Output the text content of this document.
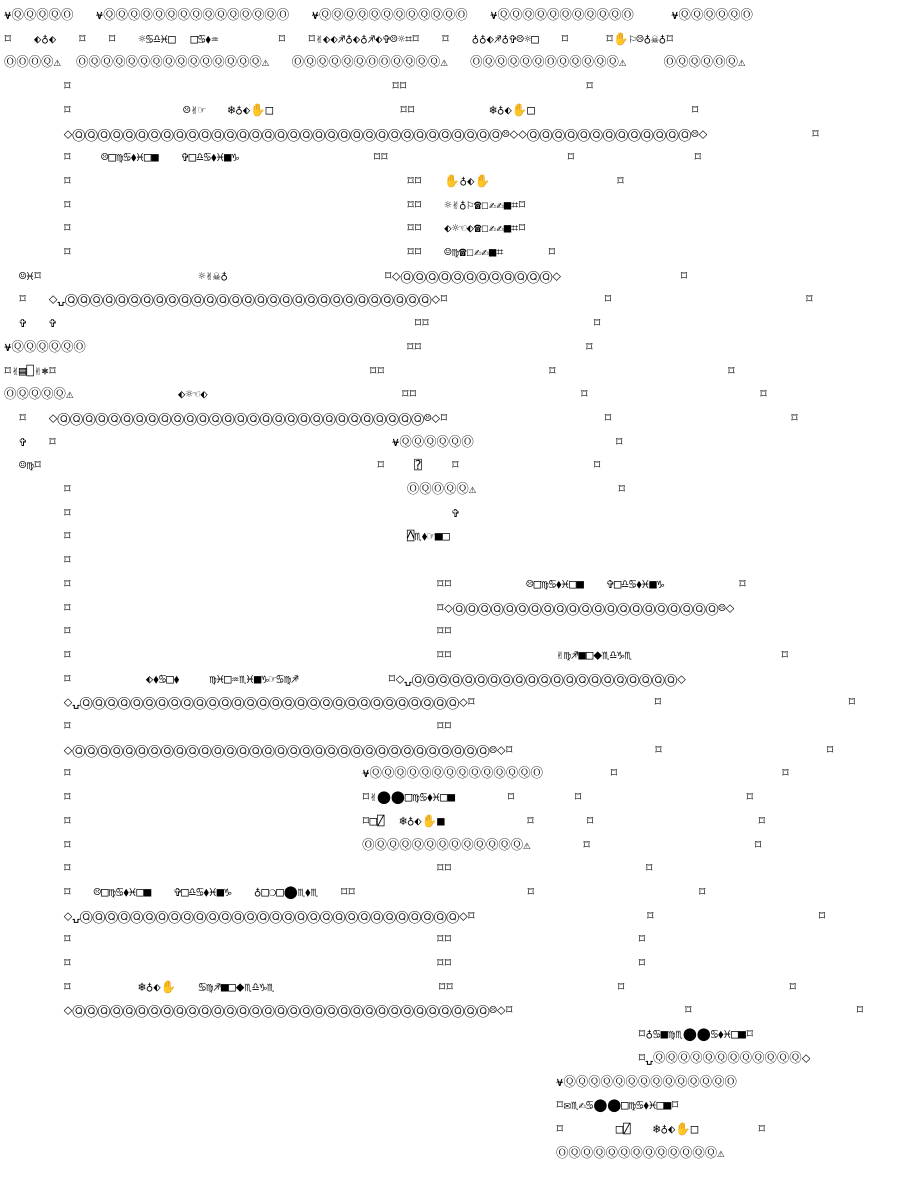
⍱ⓆⓆⓆⓆⓄ   ⍱ⓆⓆⓆⓆⓆⓆⓆⓆⓆⓆⓆⓆⓆⓆⓄ   ⍱ⓆⓆⓆⓆⓆⓆⓆⓆⓆⓆⓆⓄ   ⍱ⓆⓆⓆⓆⓆⓆⓆⓆⓆⓆⓄ     ⍱ⓆⓆⓆⓆⓆⓄ
⌑   ⬖♁⬖   ⌑   ⌑   ☼♋♎♓□  □♋⬧♒        ⌑   ⌑✌⬖⬖♐♁⬖♁♐⬖✞☹☼⌗⌑   ⌑   ♁♁⬖♐♁✞☹☼□   ⌑     ⌑✋⚐☹♁☠♁⌑
ⓄⓄⓄⓆ⚠  ⓄⓆⓆⓆⓆⓆⓆⓆⓆⓆⓆⓆⓆⓆⓆ⚠   ⓄⓆⓆⓆⓆⓆⓄⓄⓆⓆⓆⓆ⚠   ⓄⓆⓆⓆⓆⓆⓄⓆⓆⓆⓆⓆ⚠     ⓄⓆⓆⓆⓄⓆ⚠
⌑                                           ⌑⌑                        ⌑
⌑               ☹✌☞   ❄♁⬖✋□                 ⌑⌑          ❄♁⬖✋□                     ⌑
⬦ⓆⓆⓆⓆⓆⓆⓆⓆⓆⓆⓆⓆⓆⓆⓆⓆⓆⓆⓆⓆⓆⓆⓆⓆⓆⓆⓆⓆⓆⓆⓆⓆⓆⓆ☹⬦⬦ⓆⓆⓆⓆⓆⓆⓆⓆⓆⓆⓆⓆⓆ☹⬦              ⌑
⌑    ☹□♍♋⬧♓□■   ✞□♎♋⬧♓■♑                  ⌑⌑                        ⌑                ⌑
⌑                                             ⌑⌑   ✋♁⬖✋                 ⌑
⌑                                             ⌑⌑   ☼✌♁⚐☎☐✍✍■⌗⌑
⌑                                             ⌑⌑   ⬖☼☜⬖☎☐✍✍■⌗⌑
⌑                                             ⌑⌑   ☺♍☎☐✍✍■⌗      ⌑
☺♓⌑                     ☼✌☠♁                     ⌑⬦ⓆⓆⓆⓆⓆⓆⓆⓆⓆⓆⓆⓆ⬦                ⌑
⌑   ⬦⍽ⓆⓆⓆⓆⓆⓆⓆⓆⓆⓆⓆⓆⓆⓆⓆⓆⓆⓆⓆⓆⓆⓆⓆⓆⓆⓆⓆⓆⓆ⬦⌑                     ⌑                          ⌑
✞   ✞                                                ⌑⌑                      ⌑
⍱ⓆⓆⓆⓆⓆⓄ                                           ⌑⌑                      ⌑
⌑✌▤⎕✌⎈⌑                                          ⌑⌑                      ⌑                       ⌑
ⓄⓆⓆⓆⓆ⚠              ⬖☼☜⬖                          ⌑⌑                      ⌑                       ⌑
⌑   ⬦ⓆⓆⓆⓆⓆⓆⓆⓆⓆⓆⓆⓆⓆⓆⓆⓆⓆⓆⓆⓆⓆⓆⓆⓆⓆⓆⓆⓆⓆ☹⬦⌑                     ⌑                        ⌑
✞   ⌑                                             ⍱ⓆⓆⓆⓆⓆⓄ                   ⌑
☺♍⌑                                             ⌑    ⍰    ⌑                  ⌑
⌑                                             ⓄⓆⓄⓆⓆ⚠                   ⌑
⌑                                                   ✞
⌑                                             ⍓♏⬧☞■□
⌑
⌑                                                 ⌑⌑          ☹□♍♋⬧♓□■   ✞□♎♋⬧♓■♑          ⌑
⌑                                                 ⌑⬦ⓆⓆⓆⓆⓆⓆⓆⓆⓆⓆⓆⓆⓆⓆⓆⓆⓆⓆⓆⓆⓆ☹⬦
⌑                                                 ⌑⌑
⌑                                                 ⌑⌑              ✌♍♐■□⬥♏♎♑♏                    ⌑
⌑          ⬖⬧♋□⬧    ♍♓□♒♏♓■♑☞♋♍♐            ⌑⬦⍽ⓆⓆⓆⓆⓆⓆⓆⓆⓆⓆⓆⓆⓆⓆⓆⓆⓆⓆⓆⓆⓆ⬦
⬦⍽ⓆⓆⓆⓆⓆⓆⓆⓆⓆⓆⓆⓆⓆⓆⓆⓆⓆⓆⓆⓆⓆⓆⓆⓆⓆⓆⓆⓆⓆⓆ⬦⌑                        ⌑                         ⌑
⌑                                                 ⌑⌑
⬦ⓆⓆⓆⓆⓆⓆⓆⓆⓆⓆⓆⓆⓆⓆⓆⓆⓆⓆⓆⓆⓆⓆⓆⓆⓆⓆⓆⓆⓆⓆⓆⓆⓆ☹⬦⌑                   ⌑                      ⌑
⌑                                       ⍱ⓆⓆⓆⓆⓆⓆⓆⓆⓆⓆⓆⓆⓆⓄ         ⌑                      ⌑
⌑                                       ⌑✌⬤⬤□♍♋⬧♓□■       ⌑        ⌑                      ⌑
⌑                                       ⌑□⍁  ❄♁⬖✋■           ⌑       ⌑                      ⌑
⌑                                       ⓄⓆⓆⓆⓆⓆⓆⓆⓆⓆⓆⓆⓆ⚠       ⌑                      ⌑
⌑                                                 ⌑⌑                          ⌑
⌑   ☹□♍♋⬧♓□■   ✞□♎♋⬧♓■♑   ♁□❍□⬤♏⬧♏   ⌑⌑                       ⌑                      ⌑
⬦⍽ⓆⓆⓆⓆⓆⓆⓆⓆⓆⓆⓆⓆⓆⓆⓆⓆⓆⓆⓆⓆⓆⓆⓆⓆⓆⓆⓆⓆⓆⓆ⬦⌑                       ⌑                      ⌑
⌑                                                 ⌑⌑                         ⌑
⌑                                                 ⌑⌑                         ⌑
⌑         ❄♁⬖✋   ♋♍♐■□⬥♏♎♑♏                      ⌑⌑                      ⌑                      ⌑
⬦ⓆⓆⓆⓆⓆⓆⓆⓆⓆⓆⓆⓆⓆⓆⓆⓆⓆⓆⓆⓆⓆⓆⓆⓆⓆⓆⓆⓆⓆⓆⓆⓆⓆ☹⬦⌑                       ⌑                      ⌑
⌑♁♋■♍♏⬤⬤♋⬧♓□■⌑
⌑⍽ⓆⓆⓆⓆⓆⓆⓆⓆⓆⓆⓆⓆ⬦
⍱ⓆⓆⓆⓆⓆⓆⓆⓆⓆⓆⓆⓆⓆⓄ
⌑✉♏✍♋⬤⬤□♍♋⬧♓□■⌑
⌑       □⍁   ❄♁⬖✋□        ⌑
ⓄⓆⓆⓆⓆⓆⓆⓆⓆⓆⓆⓆⓆ⚠
